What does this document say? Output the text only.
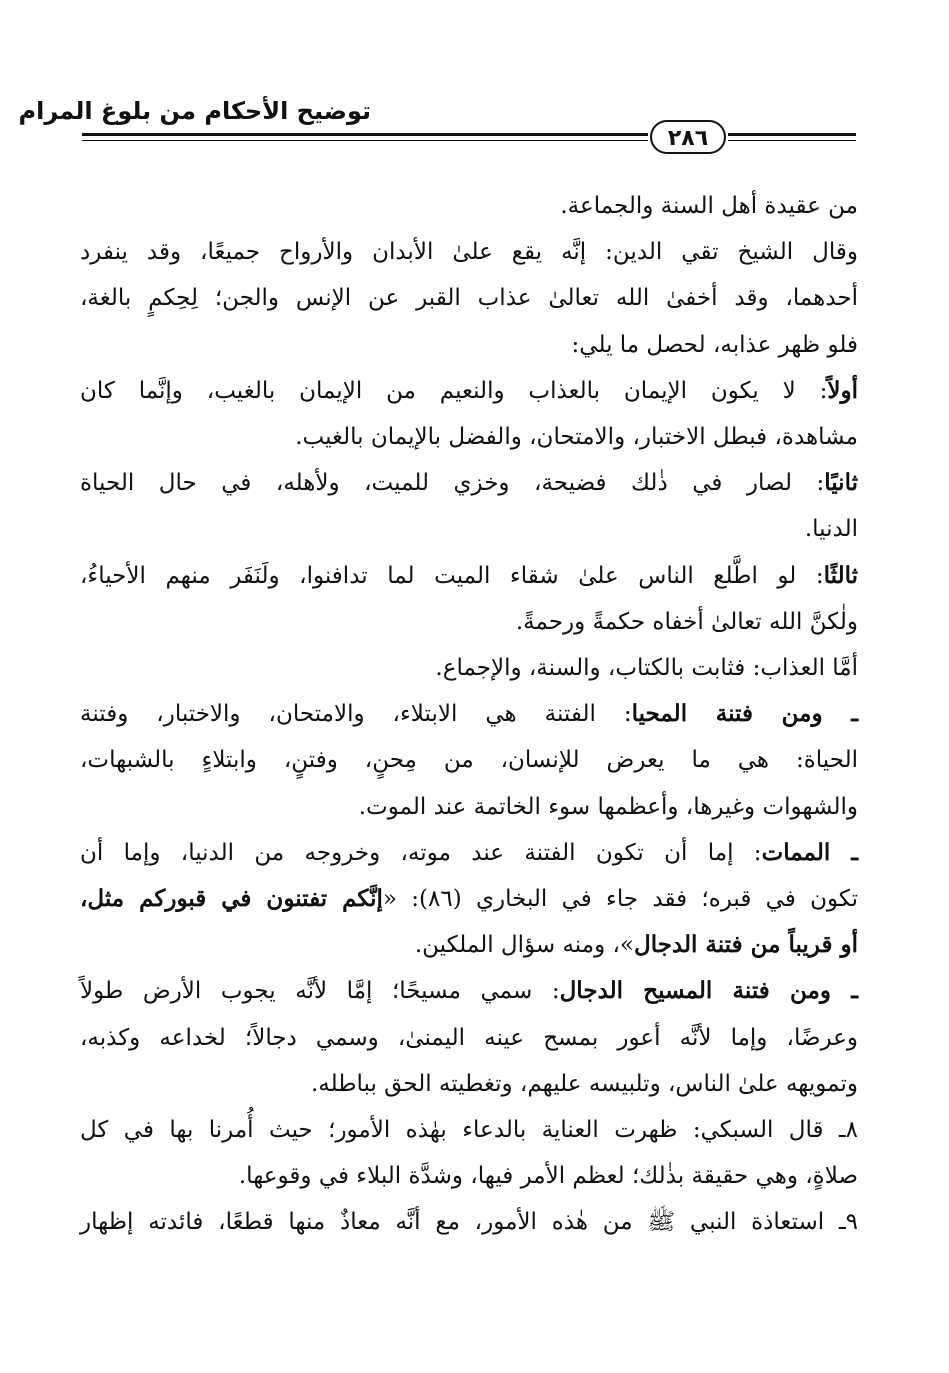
توضيح الأحكام من بلوغ المرام
٢٨٦
من عقيدة أهل السنة والجماعة.
وقال الشيخ تقي الدين: إنَّه يقع علىٰ الأبدان والأرواح جميعًا، وقد ينفرد
أحدهما، وقد أخفىٰ الله تعالىٰ عذاب القبر عن الإنس والجن؛ لِحِكمٍ بالغة،
فلو ظهر عذابه، لحصل ما يلي:
أولاً: لا يكون الإيمان بالعذاب والنعيم من الإيمان بالغيب، وإنَّما كان
مشاهدة، فبطل الاختبار، والامتحان، والفضل بالإيمان بالغيب.
ثانيًا: لصار في ذٰلك فضيحة، وخزي للميت، ولأهله، في حال الحياة
الدنيا.
ثالثًا: لو اطَّلع الناس علىٰ شقاء الميت لما تدافنوا، ولَنَفَر منهم الأحياءُ،
ولٰكنَّ الله تعالىٰ أخفاه حكمةً ورحمةً.
أمَّا العذاب: فثابت بالكتاب، والسنة، والإجماع.
ـ ومن فتنة المحيا: الفتنة هي الابتلاء، والامتحان، والاختبار، وفتنة
الحياة: هي ما يعرض للإنسان، من مِحنٍ، وفتنٍ، وابتلاءٍ بالشبهات،
والشهوات وغيرها، وأعظمها سوء الخاتمة عند الموت.
ـ الممات: إما أن تكون الفتنة عند موته، وخروجه من الدنيا، وإما أن
تكون في قبره؛ فقد جاء في البخاري (٨٦): «إنَّكم تفتنون في قبوركم مثل،
أو قريباً من فتنة الدجال»، ومنه سؤال الملكين.
ـ ومن فتنة المسيح الدجال: سمي مسيحًا؛ إمَّا لأنَّه يجوب الأرض طولاً
وعرضًا، وإما لأنَّه أعور بمسح عينه اليمنىٰ، وسمي دجالاً؛ لخداعه وكذبه،
وتمويهه علىٰ الناس، وتلبيسه عليهم، وتغطيته الحق بباطله.
٨ـ قال السبكي: ظهرت العناية بالدعاء بهٰذه الأمور؛ حيث أُمرنا بها في كل
صلاةٍ، وهي حقيقة بذٰلك؛ لعظم الأمر فيها، وشدَّة البلاء في وقوعها.
٩ـ استعاذة النبي ﷺ من هٰذه الأمور، مع أنَّه معاذٌ منها قطعًا، فائدته إظهار
